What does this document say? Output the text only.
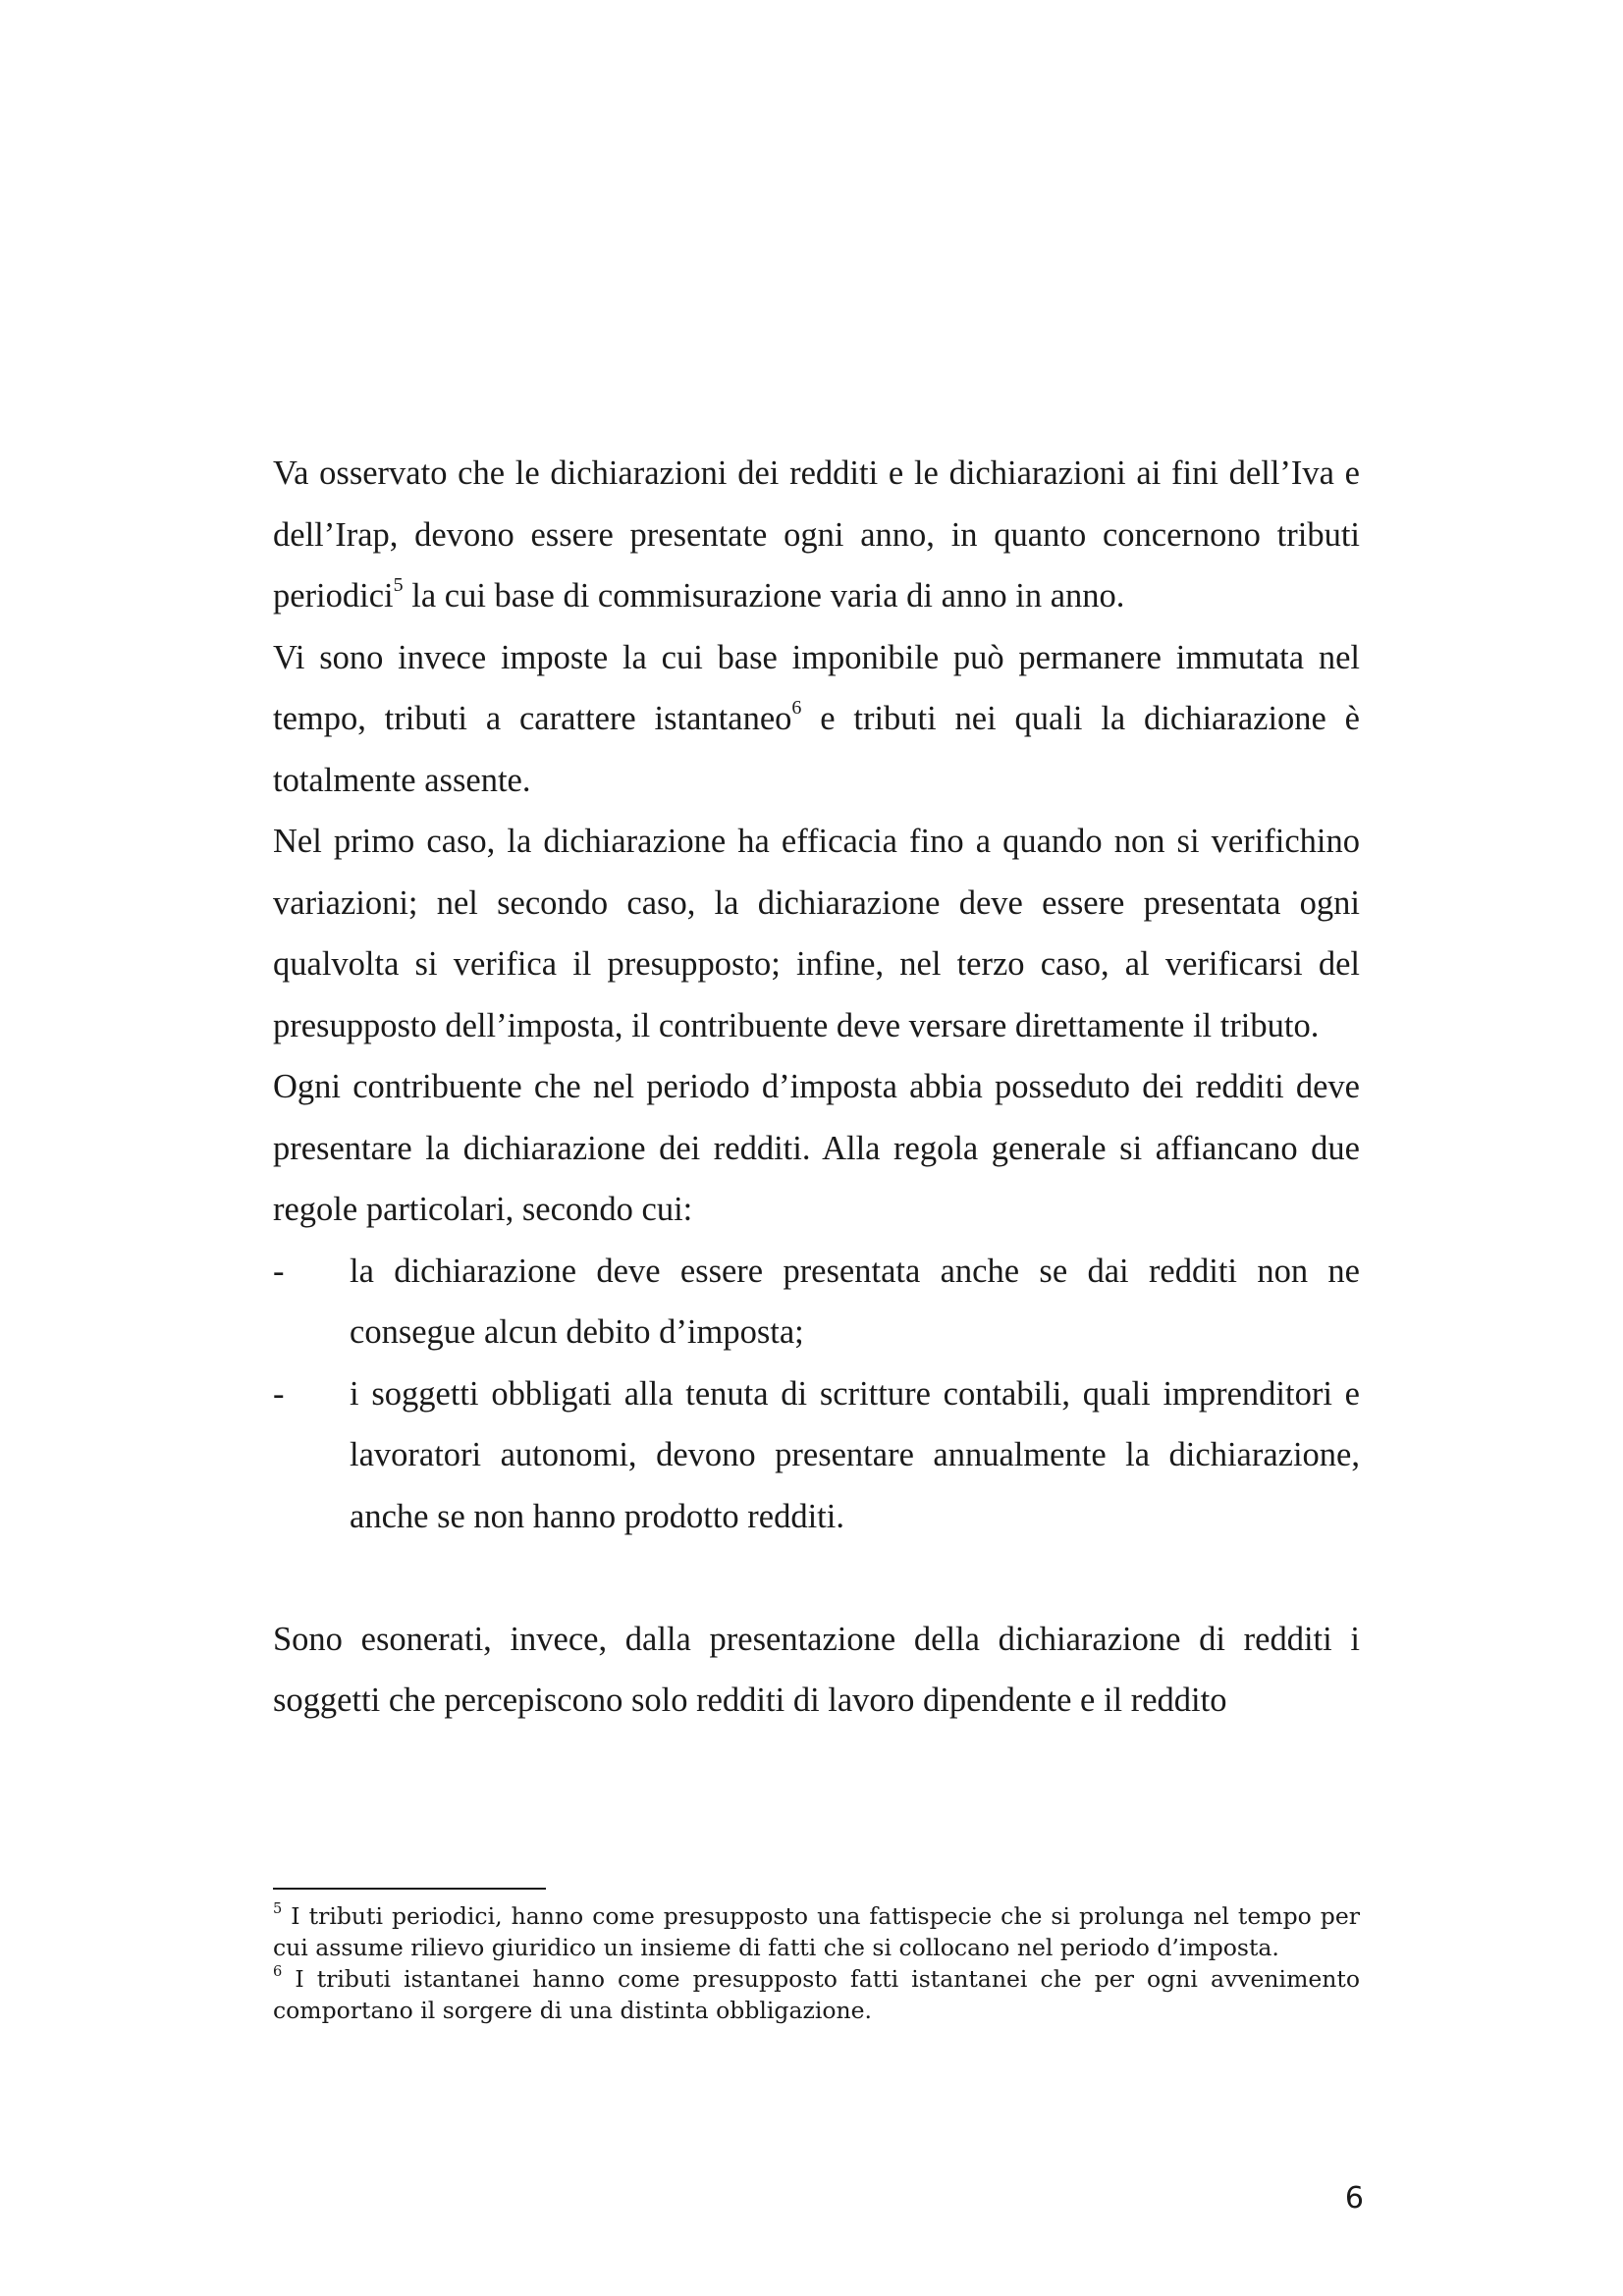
Va osservato che le dichiarazioni dei redditi e le dichiarazioni ai fini dell’Iva e dell’Irap, devono essere presentate ogni anno, in quanto concernono tributi periodici$^5$ la cui base di commisurazione varia di anno in anno.

Vi sono invece imposte la cui base imponibile può permanere immutata nel tempo, tributi a carattere istantaneo$^6$ e tributi nei quali la dichiarazione è totalmente assente.

Nel primo caso, la dichiarazione ha efficacia fino a quando non si verifichino variazioni; nel secondo caso, la dichiarazione deve essere presentata ogni qualvolta si verifica il presupposto; infine, nel terzo caso, al verificarsi del presupposto dell’imposta, il contribuente deve versare direttamente il tributo.

Ogni contribuente che nel periodo d’imposta abbia posseduto dei redditi deve presentare la dichiarazione dei redditi. Alla regola generale si affiancano due regole particolari, secondo cui:

- la dichiarazione deve essere presentata anche se dai redditi non ne consegue alcun debito d’imposta;
- i soggetti obbligati alla tenuta di scritture contabili, quali imprenditori e lavoratori autonomi, devono presentare annualmente la dichiarazione, anche se non hanno prodotto redditi.

Sono esonerati, invece, dalla presentazione della dichiarazione di redditi i soggetti che percepiscono solo redditi di lavoro dipendente e il reddito

$^5$ I tributi periodici, hanno come presupposto una fattispecie che si prolunga nel tempo per cui assume rilievo giuridico un insieme di fatti che si collocano nel periodo d’imposta.

$^6$ I tributi istantanei hanno come presupposto fatti istantanei che per ogni avvenimento comportano il sorgere di una distinta obbligazione.

6
